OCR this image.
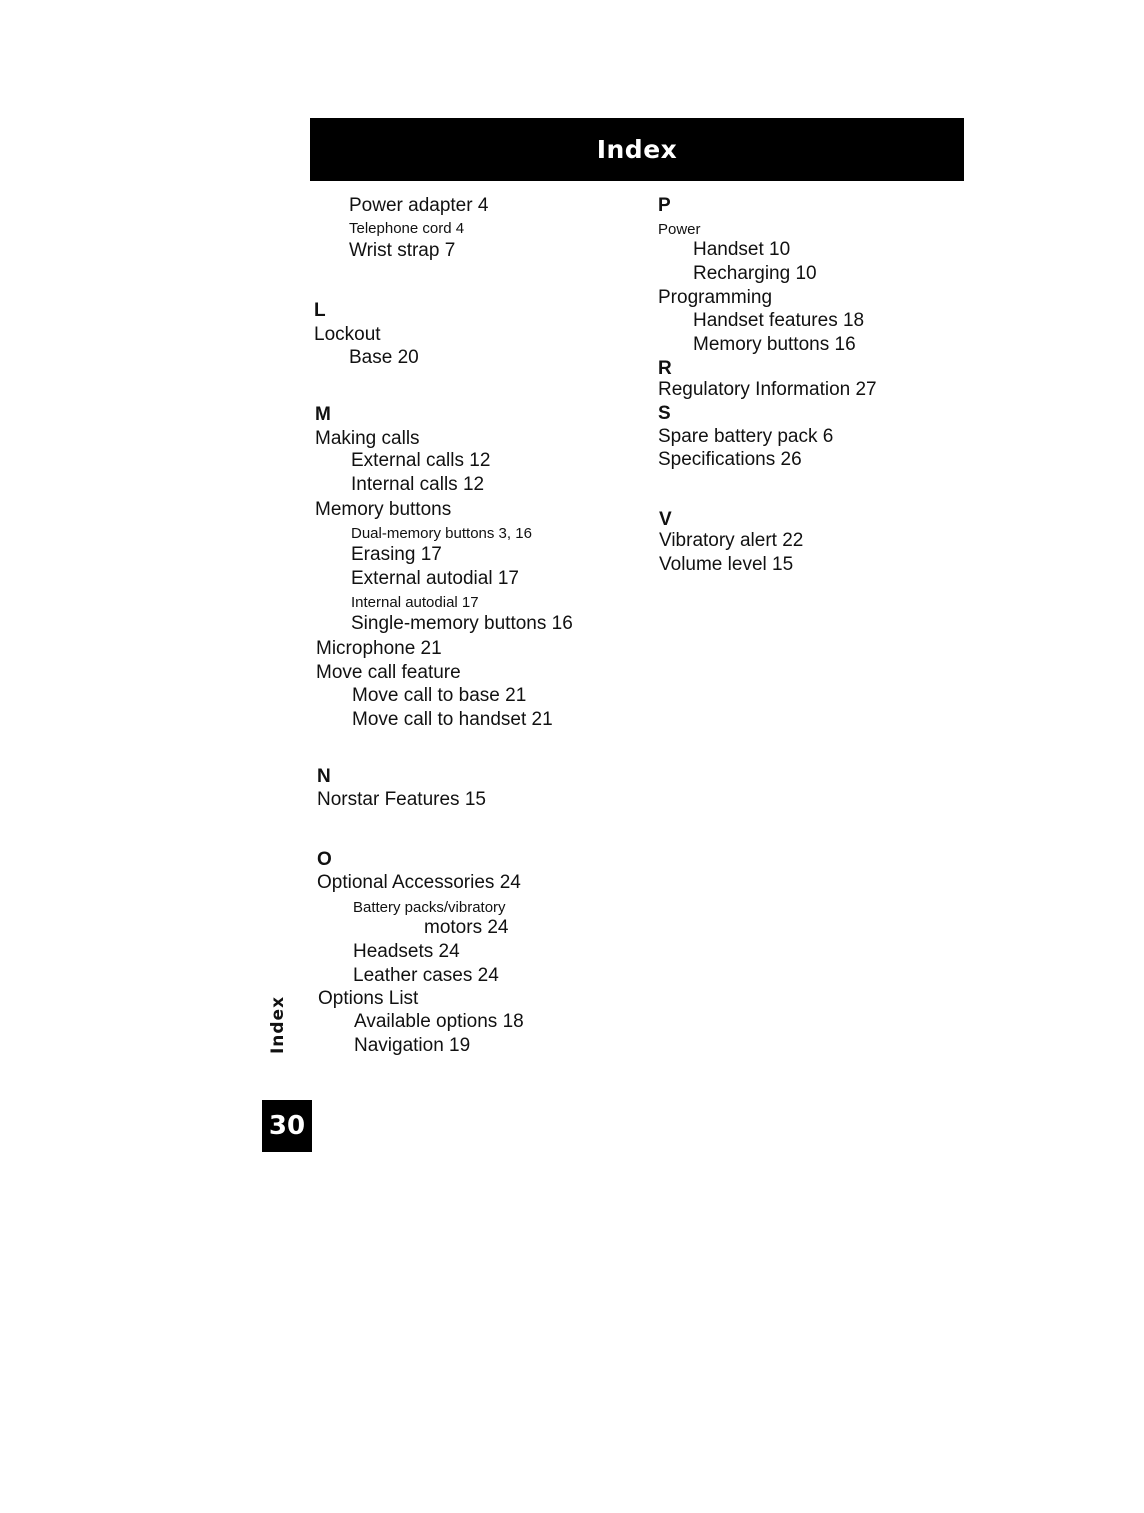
Index
Power adapter 4
Telephone cord 4
Wrist strap 7
L
Lockout
Base 20
M
Making calls
External calls 12
Internal calls 12
Memory buttons
Dual-memory buttons 3, 16
Erasing 17
External autodial 17
Internal autodial 17
Single-memory buttons 16
Microphone 21
Move call feature
Move call to base 21
Move call to handset 21
N
Norstar Features 15
O
Optional Accessories 24
Battery packs/vibratory
motors 24
Headsets 24
Leather cases 24
Options List
Available options 18
Navigation 19
P
Power
Handset 10
Recharging 10
Programming
Handset features 18
Memory buttons 16
R
Regulatory Information 27
S
Spare battery pack 6
Specifications 26
V
Vibratory alert 22
Volume level 15
Index
30
